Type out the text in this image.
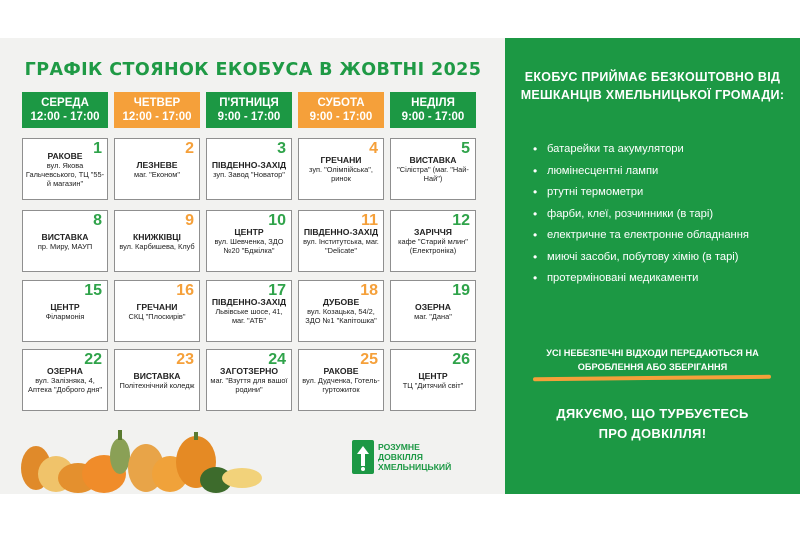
ГРАФІК СТОЯНОК ЕКОБУСА В ЖОВТНІ 2025
СЕРЕДА
12:00 - 17:00
ЧЕТВЕР
12:00 - 17:00
П'ЯТНИЦЯ
9:00 - 17:00
СУБОТА
9:00 - 17:00
НЕДІЛЯ
9:00 - 17:00
РАКОВЕ
вул. Якова Гальчевського, ТЦ "55-й магазин"
1
ЛЕЗНЕВЕ
маг. "Економ"
2
ПІВДЕННО-ЗАХІД
зуп. Завод "Новатор"
3
ГРЕЧАНИ
зуп. "Олімпійська", ринок
4
ВИСТАВКА
"Сілістра" (маг. "Най-Най")
5
ВИСТАВКА
пр. Миру, МАУП
8
КНИЖКІВЦІ
вул. Карбишева, Клуб
9
ЦЕНТР
вул. Шевченка, ЗДО №20 "Бджілка"
10
ПІВДЕННО-ЗАХІД
вул. Інститутська, маг. "Delicate"
11
ЗАРІЧЧЯ
кафе "Старий млин" (Електроніка)
12
ЦЕНТР
Філармонія
15
ГРЕЧАНИ
СКЦ "Плоскирів"
16
ПІВДЕННО-ЗАХІД
Львівське шосе, 41, маг. "АТБ"
17
ДУБОВЕ
вул. Козацька, 54/2, ЗДО №1 "Капітошка"
18
ОЗЕРНА
маг. "Дана"
19
ОЗЕРНА
вул. Залізняка, 4, Аптека "Доброго дня"
22
ВИСТАВКА
Політехнічний коледж
23
ЗАГОТЗЕРНО
маг. "Взуття для вашої родини"
24
РАКОВЕ
вул. Дудченка, Готель-гуртожиток
25
ЦЕНТР
ТЦ "Дитячий світ"
26
РОЗУМНЕ
ДОВКІЛЛЯ
ХМЕЛЬНИЦЬКИЙ
ЕКОБУС ПРИЙМАЄ БЕЗКОШТОВНО ВІД МЕШКАНЦІВ ХМЕЛЬНИЦЬКОЇ ГРОМАДИ:
• батарейки та акумулятори
• люмінесцентні лампи
• ртутні термометри
• фарби, клеї, розчинники (в тарі)
• електричне та електронне обладнання
• миючі засоби, побутову хімію (в тарі)
• протерміновані медикаменти
УСІ НЕБЕЗПЕЧНІ ВІДХОДИ ПЕРЕДАЮТЬСЯ НА ОБРОБЛЕННЯ АБО ЗБЕРІГАННЯ
ДЯКУЄМО, ЩО ТУРБУЄТЕСЬ ПРО ДОВКІЛЛЯ!
